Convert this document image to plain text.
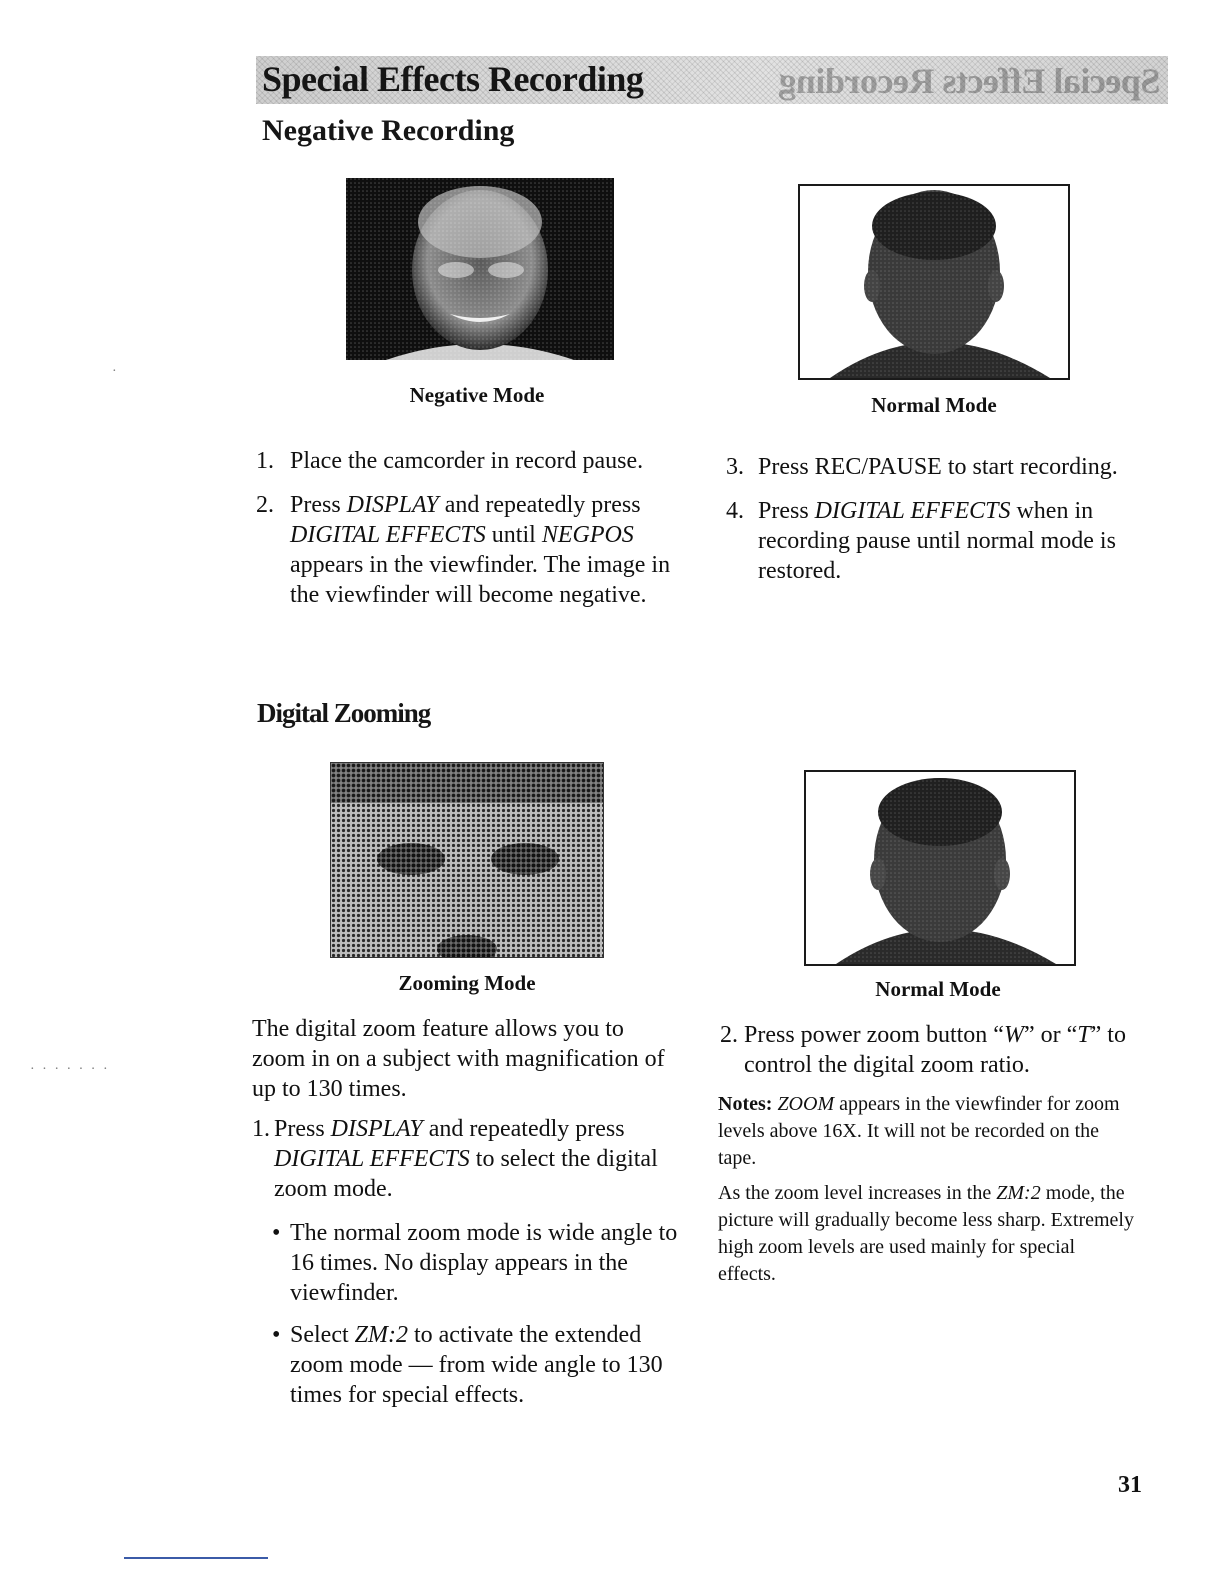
·
· · · · · · ·
Special Effects Recording	Special Effects Recording
Negative Recording
Negative Mode	Normal Mode
1. Place the camcorder in record pause.
2. Press DISPLAY and repeatedly press
DIGITAL EFFECTS until NEGPOS appears in the viewfinder. The image in the viewfinder will become negative.
3. Press REC/PAUSE to start recording.
4. Press DIGITAL EFFECTS when in recording pause until normal mode is restored.
Digital Zooming
Zooming Mode	Normal Mode
The digital zoom feature allows you to zoom in on a subject with magnification of up to 130 times.
1. Press DISPLAY and repeatedly press DIGITAL EFFECTS to select the digital zoom mode.
• The normal zoom mode is wide angle to 16 times. No display appears in the viewfinder.
• Select ZM:2 to activate the extended zoom mode — from wide angle to 130 times for special effects.
2. Press power zoom button “W” or “T” to control the digital zoom ratio.
Notes: ZOOM appears in the viewfinder for zoom levels above 16X. It will not be recorded on the tape.
As the zoom level increases in the ZM:2 mode, the picture will gradually become less sharp. Extremely high zoom levels are used mainly for special effects.
31
